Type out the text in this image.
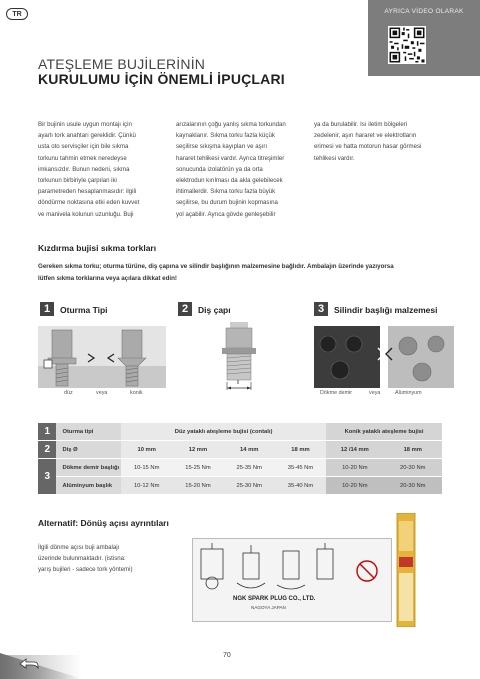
TR	AYRICA VİDEO OLARAK
ATEŞLEME BUJİLERİNİN
KURULUMU İÇİN ÖNEMLİ İPUÇLARI
Bir bujinin usule uygun montajı için
ayarlı tork anahtarı gereklidir. Çünkü
usta oto servisçiler için bile sıkma
torkunu tahmin etmek neredeyse
imkansızdır. Bunun nedeni, sıkma
torkunun birbiriyle çarpılan iki
parametreden hesaplanmasıdır: ilgili
döndürme noktasına etki eden kuvvet
ve manivela kolunun uzunluğu. Buji
arızalarının çoğu yanlış sıkma torkundan
kaynaklanır. Sıkma torku fazla küçük
seçilirse sıkışma kayıpları ve aşırı
hararet tehlikesi vardır. Ayrıca titreşimler
sonucunda izolatörün ya da orta
elektrodun kırılması da akla gelebilecek
ihtimallerdir. Sıkma torku fazla büyük
seçilirse, bu durum bujinin kopmasına
yol açabilir. Ayrıca gövde genleşebilir
ya da burulabilir. Isı iletim bölgeleri
zedelenir, aşırı hararet ve elektrotların
erimesi ve hatta motorun hasar görmesi
tehlikesi vardır.
Kızdırma bujisi sıkma torkları
Gereken sıkma torku; oturma türüne, diş çapına ve silindir başlığının malzemesine bağlıdır. Ambalajın üzerinde yazıyorsa
lütfen sıkma torklarına veya açılara dikkat edin!
1	Oturma Tipi	2	Diş çapı	3	Silindir başlığı malzemesi
düz	veya	konik	Dökme demir	veya	Alüminyum
1	Oturma tipi	Düz yataklı ateşleme bujisi (contalı)				Konik yataklı ateşleme bujisi	
2	Diş Ø	10 mm	12 mm	14 mm	18 mm	12 /14 mm	18 mm
3	Dökme demir başlığı	10-15 Nm	15-25 Nm	25-35 Nm	35-45 Nm	10-20 Nm	20-30 Nm
	Alüminyum başlık	10-12 Nm	15-20 Nm	25-30 Nm	35-40 Nm	10-20 Nm	20-30 Nm
Alternatif: Dönüş açısı ayrıntıları
İlgili dönme açısı buji ambalajı
üzerinde bulunmaktadır. (istisna:
yarış bujileri - sadece tork yöntemi)
NGK SPARK PLUG CO., LTD.
NAGOYA JAPAN
70
